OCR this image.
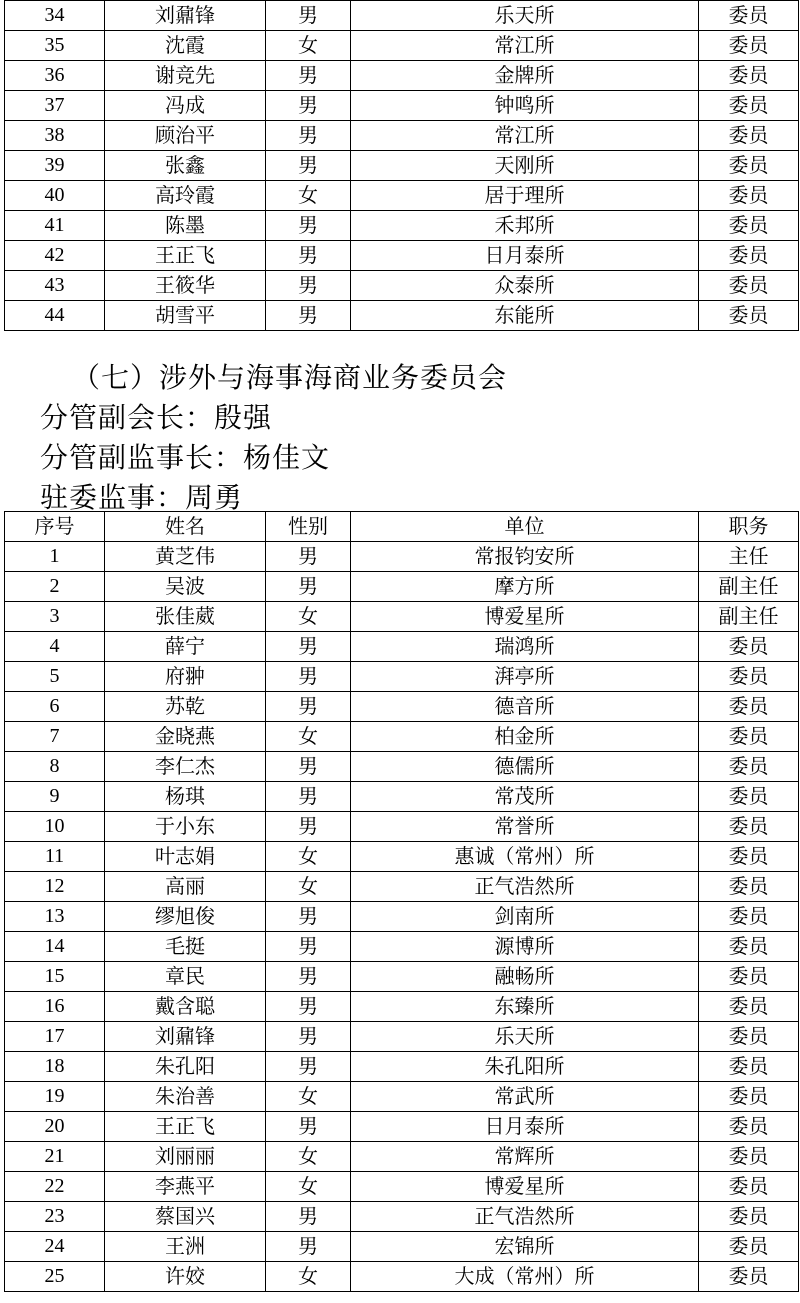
34	刘鼐锋	男	乐天所	委员
35	沈霞	女	常江所	委员
36	谢竞先	男	金牌所	委员
37	冯成	男	钟鸣所	委员
38	顾治平	男	常江所	委员
39	张鑫	男	天刚所	委员
40	高玲霞	女	居于理所	委员
41	陈墨	男	禾邦所	委员
42	王正飞	男	日月泰所	委员
43	王筱华	男	众泰所	委员
44	胡雪平	男	东能所	委员
（七）涉外与海事海商业务委员会
分管副会长：殷强
分管副监事长：杨佳文
驻委监事：周勇
序号	姓名	性别	单位	职务
1	黄芝伟	男	常报钧安所	主任
2	吴波	男	摩方所	副主任
3	张佳葳	女	博爱星所	副主任
4	薛宁	男	瑞鸿所	委员
5	府翀	男	湃亭所	委员
6	苏乾	男	德音所	委员
7	金晓燕	女	柏金所	委员
8	李仁杰	男	德儒所	委员
9	杨琪	男	常茂所	委员
10	于小东	男	常誉所	委员
11	叶志娟	女	惠诚（常州）所	委员
12	高丽	女	正气浩然所	委员
13	缪旭俊	男	剑南所	委员
14	毛挺	男	源博所	委员
15	章民	男	融畅所	委员
16	戴含聪	男	东臻所	委员
17	刘鼐锋	男	乐天所	委员
18	朱孔阳	男	朱孔阳所	委员
19	朱治善	女	常武所	委员
20	王正飞	男	日月泰所	委员
21	刘丽丽	女	常辉所	委员
22	李燕平	女	博爱星所	委员
23	蔡国兴	男	正气浩然所	委员
24	王洲	男	宏锦所	委员
25	许姣	女	大成（常州）所	委员
